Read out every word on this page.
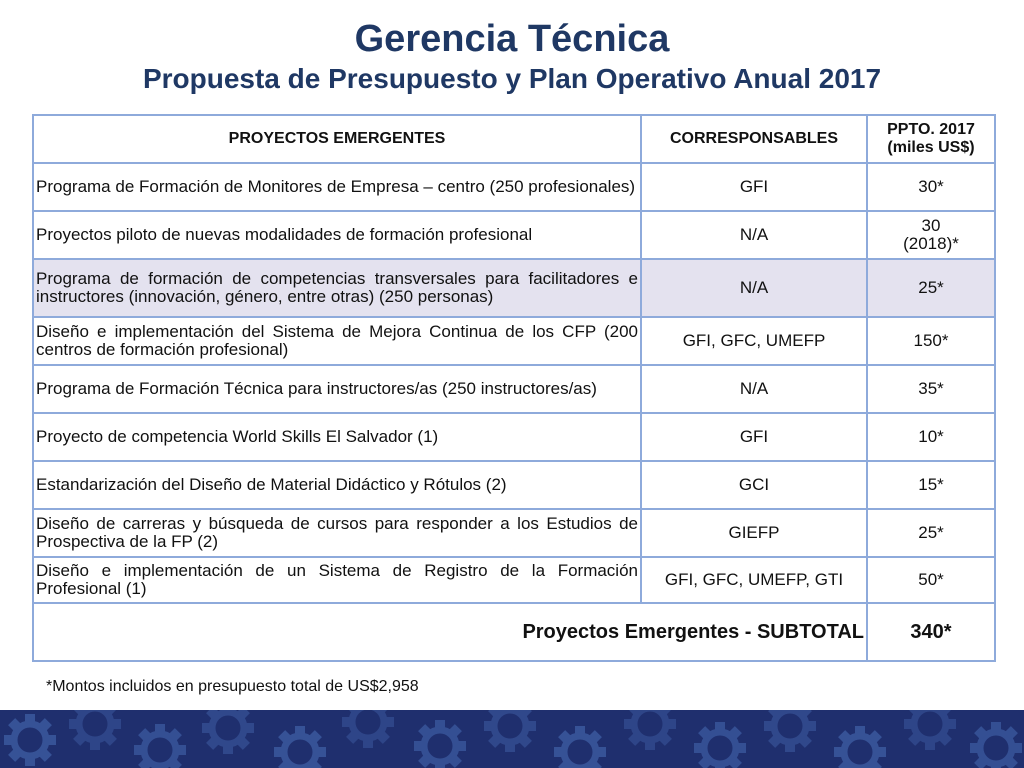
Gerencia Técnica
Propuesta de Presupuesto y Plan Operativo Anual 2017
PROYECTOS EMERGENTES	CORRESPONSABLES	PPTO. 2017
(miles US$)
Programa de Formación de Monitores de Empresa – centro (250 profesionales)	GFI	30*
Proyectos piloto de nuevas modalidades de formación profesional	N/A	30
(2018)*
Programa de formación de competencias transversales para facilitadores e instructores (innovación, género, entre otras) (250 personas)	N/A	25*
Diseño e implementación del Sistema de Mejora Continua de los CFP (200 centros de formación profesional)	GFI, GFC, UMEFP	150*
Programa de Formación Técnica para instructores/as (250 instructores/as)	N/A	35*
Proyecto de competencia World Skills El Salvador (1)	GFI	10*
Estandarización del Diseño de Material Didáctico y Rótulos (2)	GCI	15*
Diseño de carreras y búsqueda de cursos para responder a los Estudios de Prospectiva de la FP (2)	GIEFP	25*
Diseño e implementación de un Sistema de Registro de la Formación Profesional (1)	GFI, GFC, UMEFP, GTI	50*
Proyectos Emergentes - SUBTOTAL		340*
*Montos incluidos en presupuesto total de US$2,958
